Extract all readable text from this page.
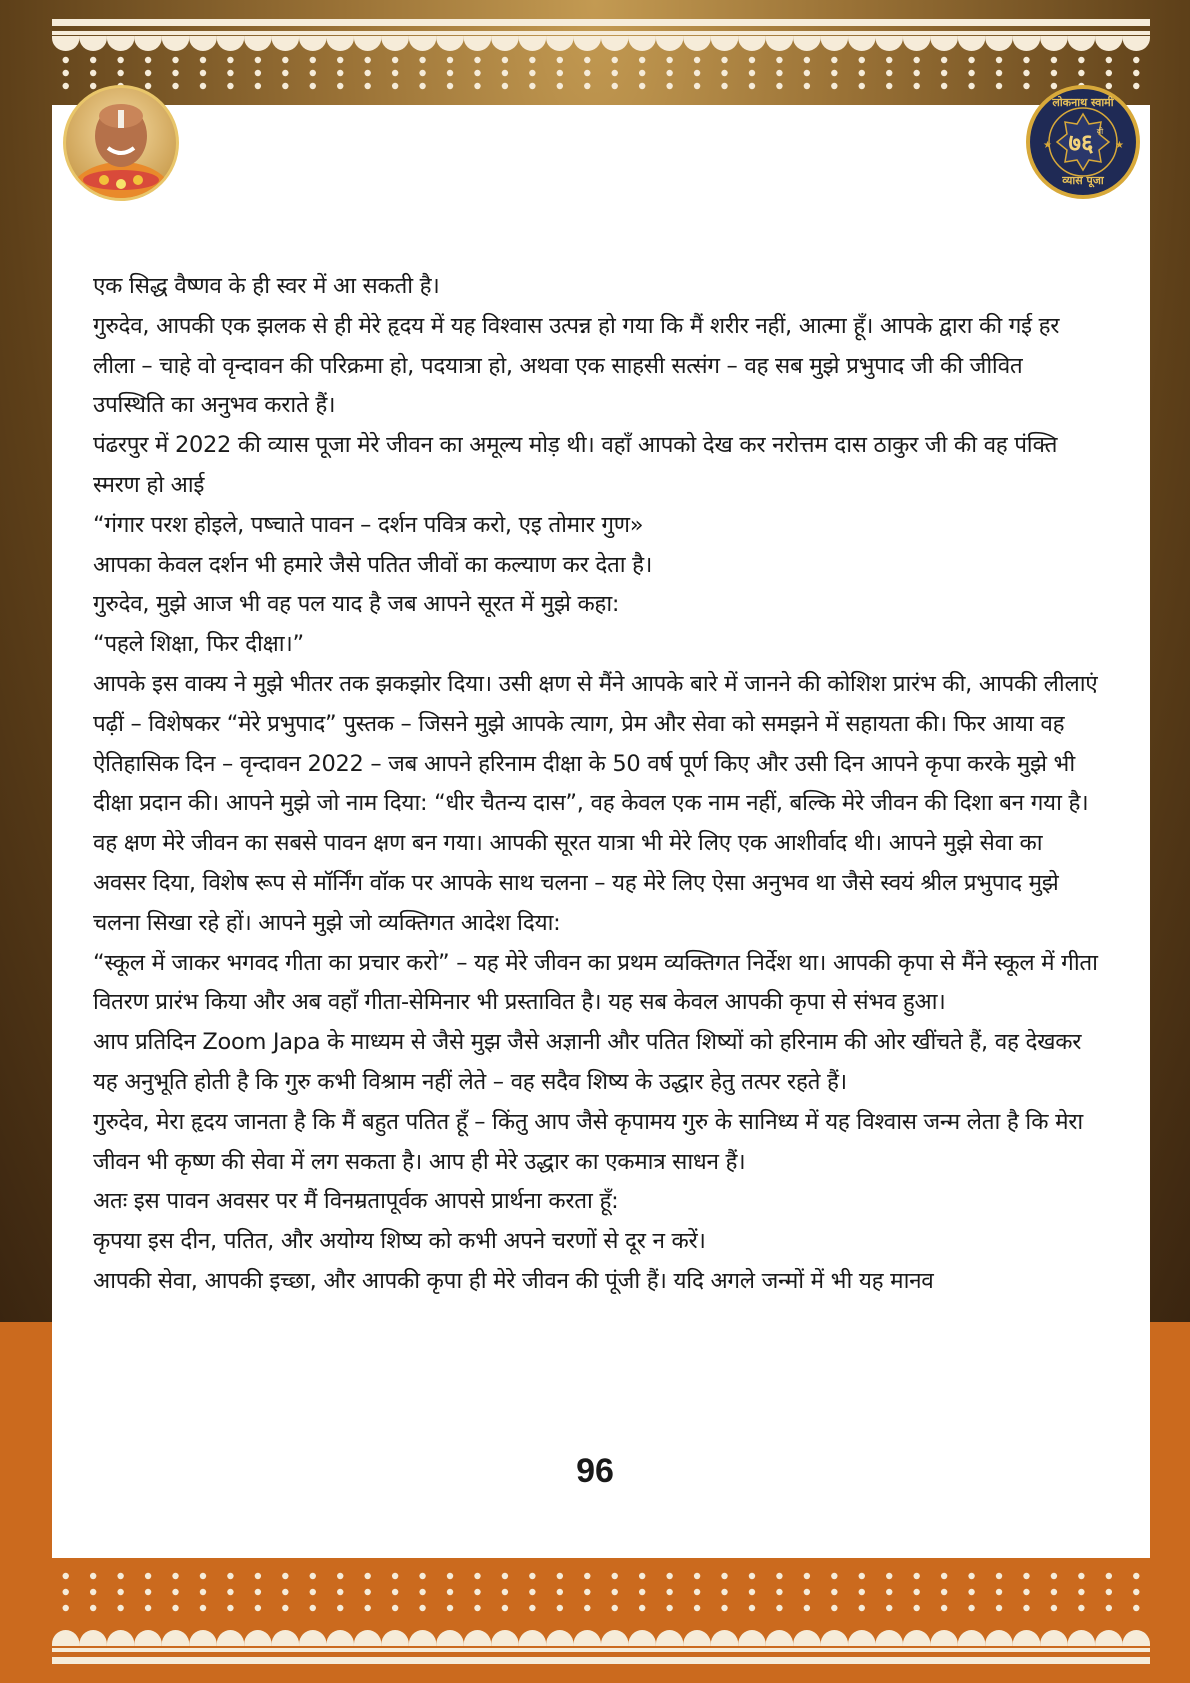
★	★
लोकनाथ स्वामी
७६ वी
व्यास पूजा

एक सिद्ध वैष्णव के ही स्वर में आ सकती है।

गुरुदेव, आपकी एक झलक से ही मेरे हृदय में यह विश्वास उत्पन्न हो गया कि मैं शरीर नहीं, आत्मा हूँ। आपके द्वारा की गई हर लीला – चाहे वो वृन्दावन की परिक्रमा हो, पदयात्रा हो, अथवा एक साहसी सत्संग – वह सब मुझे प्रभुपाद जी की जीवित उपस्थिति का अनुभव कराते हैं।

पंढरपुर में 2022 की व्यास पूजा मेरे जीवन का अमूल्य मोड़ थी। वहाँ आपको देख कर नरोत्तम दास ठाकुर जी की वह पंक्ति स्मरण हो आई

“गंगार परश होइले, पष्चाते पावन – दर्शन पवित्र करो, एइ तोमार गुण»

आपका केवल दर्शन भी हमारे जैसे पतित जीवों का कल्याण कर देता है।

गुरुदेव, मुझे आज भी वह पल याद है जब आपने सूरत में मुझे कहा:

“पहले शिक्षा, फिर दीक्षा।”

आपके इस वाक्य ने मुझे भीतर तक झकझोर दिया। उसी क्षण से मैंने आपके बारे में जानने की कोशिश प्रारंभ की, आपकी लीलाएं पढ़ीं – विशेषकर “मेरे प्रभुपाद” पुस्तक – जिसने मुझे आपके त्याग, प्रेम और सेवा को समझने में सहायता की। फिर आया वह ऐतिहासिक दिन – वृन्दावन 2022 – जब आपने हरिनाम दीक्षा के 50 वर्ष पूर्ण किए और उसी दिन आपने कृपा करके मुझे भी दीक्षा प्रदान की। आपने मुझे जो नाम दिया: “धीर चैतन्य दास”, वह केवल एक नाम नहीं, बल्कि मेरे जीवन की दिशा बन गया है। वह क्षण मेरे जीवन का सबसे पावन क्षण बन गया। आपकी सूरत यात्रा भी मेरे लिए एक आशीर्वाद थी। आपने मुझे सेवा का अवसर दिया, विशेष रूप से मॉर्निंग वॉक पर आपके साथ चलना – यह मेरे लिए ऐसा अनुभव था जैसे स्वयं श्रील प्रभुपाद मुझे चलना सिखा रहे हों। आपने मुझे जो व्यक्तिगत आदेश दिया:

“स्कूल में जाकर भगवद गीता का प्रचार करो” – यह मेरे जीवन का प्रथम व्यक्तिगत निर्देश था। आपकी कृपा से मैंने स्कूल में गीता वितरण प्रारंभ किया और अब वहाँ गीता-सेमिनार भी प्रस्तावित है। यह सब केवल आपकी कृपा से संभव हुआ।

आप प्रतिदिन Zoom Japa के माध्यम से जैसे मुझ जैसे अज्ञानी और पतित शिष्यों को हरिनाम की ओर खींचते हैं, वह देखकर यह अनुभूति होती है कि गुरु कभी विश्राम नहीं लेते – वह सदैव शिष्य के उद्धार हेतु तत्पर रहते हैं।

गुरुदेव, मेरा हृदय जानता है कि मैं बहुत पतित हूँ – किंतु आप जैसे कृपामय गुरु के सानिध्य में यह विश्वास जन्म लेता है कि मेरा जीवन भी कृष्ण की सेवा में लग सकता है। आप ही मेरे उद्धार का एकमात्र साधन हैं।

अतः इस पावन अवसर पर मैं विनम्रतापूर्वक आपसे प्रार्थना करता हूँ:

कृपया इस दीन, पतित, और अयोग्य शिष्य को कभी अपने चरणों से दूर न करें।

आपकी सेवा, आपकी इच्छा, और आपकी कृपा ही मेरे जीवन की पूंजी हैं। यदि अगले जन्मों में भी यह मानव

96
